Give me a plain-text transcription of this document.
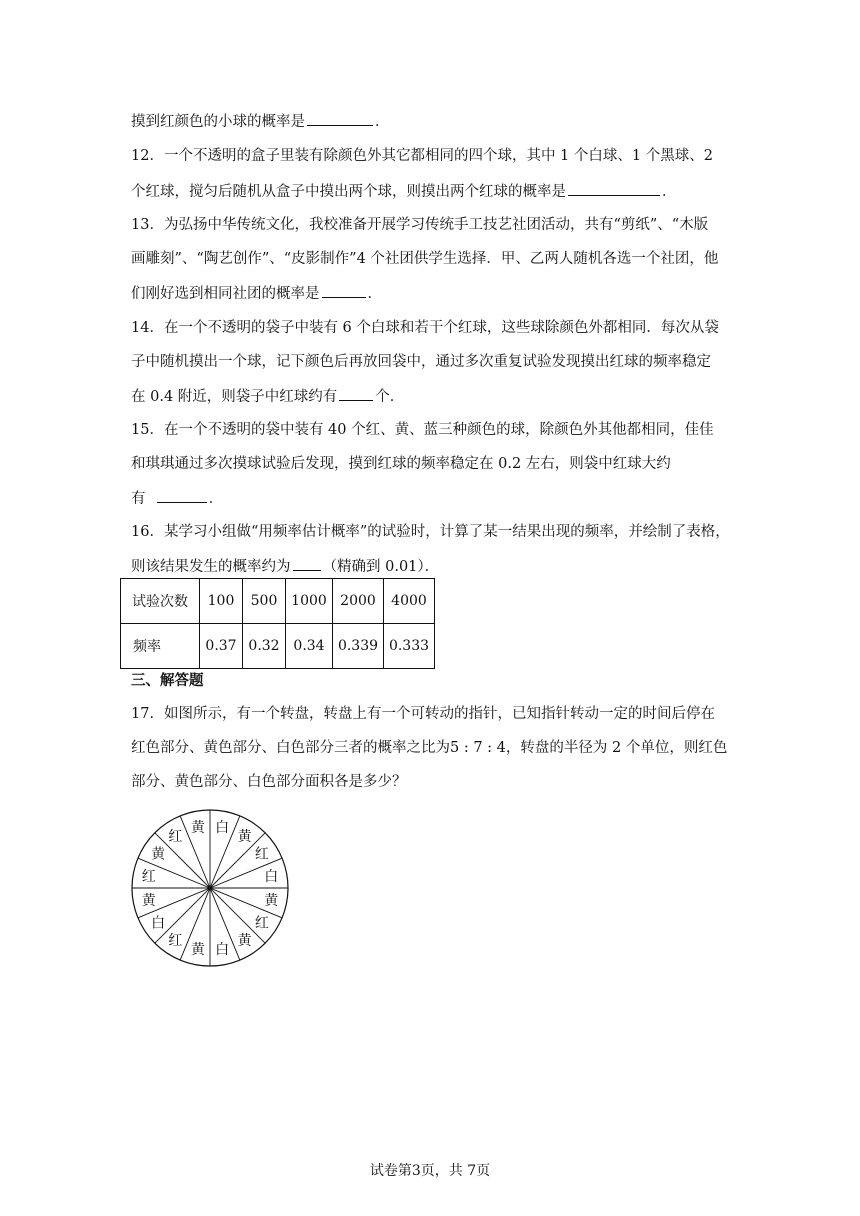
摸到红颜色的小球的概率是	．
12．一个不透明的盒子里装有除颜色外其它都相同的四个球，其中 1 个白球、1 个黑球、2
个红球，搅匀后随机从盒子中摸出两个球，则摸出两个红球的概率是	．
13．为弘扬中华传统文化，我校准备开展学习传统手工技艺社团活动，共有“剪纸”、“木版
画雕刻”、“陶艺创作”、“皮影制作”4 个社团供学生选择．甲、乙两人随机各选一个社团，他
们刚好选到相同社团的概率是	．
14．在一个不透明的袋子中装有 6 个白球和若干个红球，这些球除颜色外都相同．每次从袋
子中随机摸出一个球，记下颜色后再放回袋中，通过多次重复试验发现摸出红球的频率稳定
在 0.4 附近，则袋子中红球约有	个．
15．在一个不透明的袋中装有 40 个红、黄、蓝三种颜色的球，除颜色外其他都相同，佳佳
和琪琪通过多次摸球试验后发现，摸到红球的频率稳定在 0.2 左右，则袋中红球大约
有	．
16．某学习小组做“用频率估计概率”的试验时，计算了某一结果出现的频率，并绘制了表格，
则该结果发生的概率约为 （精确到 0.01）．
试验次数	100	500	1000	2000	4000
频率	0.37	0.32	0.34	0.339	0.333
三、解答题
17．如图所示，有一个转盘，转盘上有一个可转动的指针，已知指针转动一定的时间后停在
红色部分、黄色部分、白色部分三者的概率之比为5 : 7 : 4，转盘的半径为 2 个单位，则红色
部分、黄色部分、白色部分面积各是多少？
白
黄
红
白
黄
红
黄
白
黄
红
白
黄
红
黄
红
黄
试卷第3页，共 7页
